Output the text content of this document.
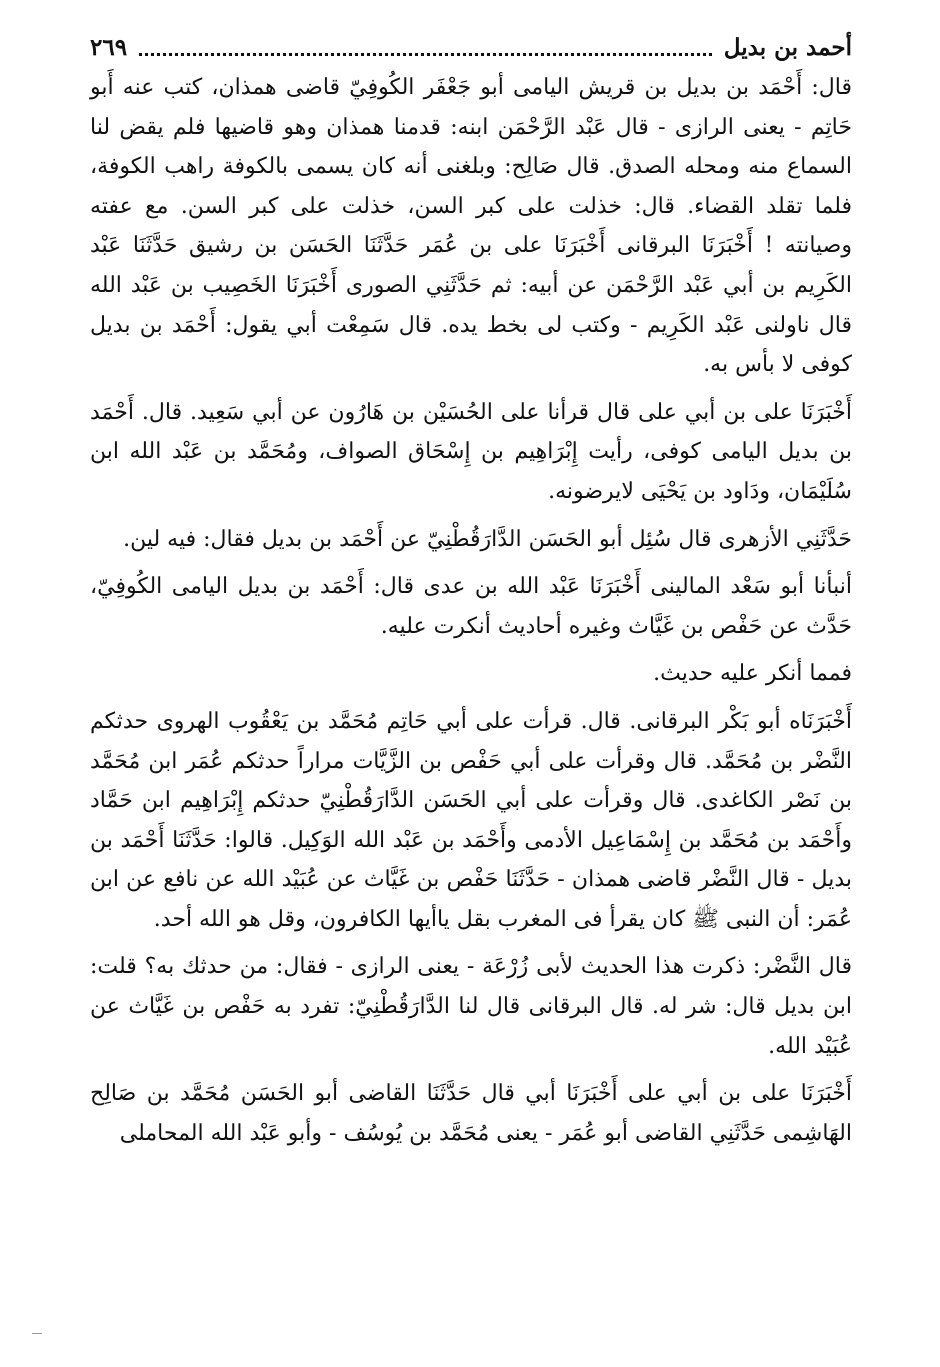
أحمد بن بديل
٢٦٩

قال: أَحْمَد بن بديل بن قريش اليامى أبو جَعْفَر الكُوفِيّ قاضى همذان، كتب عنه أَبو حَاتِم - يعنى الرازى - قال عَبْد الرَّحْمَن ابنه: قدمنا همذان وهو قاضيها فلم يقض لنا السماع منه ومحله الصدق. قال صَالِح: وبلغنى أنه كان يسمى بالكوفة راهب الكوفة، فلما تقلد القضاء. قال: خذلت على كبر السن، خذلت على كبر السن. مع عفته وصيانته ! أَخْبَرَنَا البرقانى أَخْبَرَنَا على بن عُمَر حَدَّثَنَا الحَسَن بن رشيق حَدَّثَنَا عَبْد الكَرِيم بن أبي عَبْد الرَّحْمَن عن أبيه: ثم حَدَّثَنِي الصورى أَخْبَرَنَا الخَصِيب بن عَبْد الله قال ناولنى عَبْد الكَرِيم - وكتب لى بخط يده. قال سَمِعْت أبي يقول: أَحْمَد بن بديل كوفى لا بأس به.

أَخْبَرَنَا على بن أبي على قال قرأنا على الحُسَيْن بن هَارُون عن أبي سَعِيد. قال. أَحْمَد بن بديل اليامى كوفى، رأيت إِبْرَاهِيم بن إِسْحَاق الصواف، ومُحَمَّد بن عَبْد الله ابن سُلَيْمَان، ودَاود بن يَحْيَى لايرضونه.

حَدَّثَنِي الأزهرى قال سُئِل أبو الحَسَن الدَّارَقُطْنِيّ عن أَحْمَد بن بديل فقال: فيه لين.

أنبأنا أبو سَعْد المالينى أَخْبَرَنَا عَبْد الله بن عدى قال: أَحْمَد بن بديل اليامى الكُوفِيّ، حَدَّث عن حَفْص بن غَيَّاث وغيره أحاديث أنكرت عليه.

فمما أنكر عليه حديث.

أَخْبَرَنَاه أبو بَكْر البرقانى. قال. قرأت على أبي حَاتِم مُحَمَّد بن يَعْقُوب الهروى حدثكم النَّضْر بن مُحَمَّد. قال وقرأت على أبي حَفْص بن الزَّيَّات مراراً حدثكم عُمَر ابن مُحَمَّد بن نَصْر الكاغدى. قال وقرأت على أبي الحَسَن الدَّارَقُطْنِيّ حدثكم إِبْرَاهِيم ابن حَمَّاد وأَحْمَد بن مُحَمَّد بن إِسْمَاعِيل الأدمى وأَحْمَد بن عَبْد الله الوَكِيل. قالوا: حَدَّثَنَا أَحْمَد بن بديل - قال النَّضْر قاضى همذان - حَدَّثَنَا حَفْص بن غَيَّاث عن عُبَيْد الله عن نافع عن ابن عُمَر: أن النبى ﷺ كان يقرأ فى المغرب بقل ياأيها الكافرون، وقل هو الله أحد.

قال النَّضْر: ذكرت هذا الحديث لأبى زُرْعَة - يعنى الرازى - فقال: من حدثك به؟ قلت: ابن بديل قال: شر له. قال البرقانى قال لنا الدَّارَقُطْنِيّ: تفرد به حَفْص بن غَيَّاث عن عُبَيْد الله.

أَخْبَرَنَا على بن أبي على أَخْبَرَنَا أبي قال حَدَّثَنَا القاضى أبو الحَسَن مُحَمَّد بن صَالِح الهَاشِمى حَدَّثَنِي القاضى أبو عُمَر - يعنى مُحَمَّد بن يُوسُف - وأبو عَبْد الله المحاملى
